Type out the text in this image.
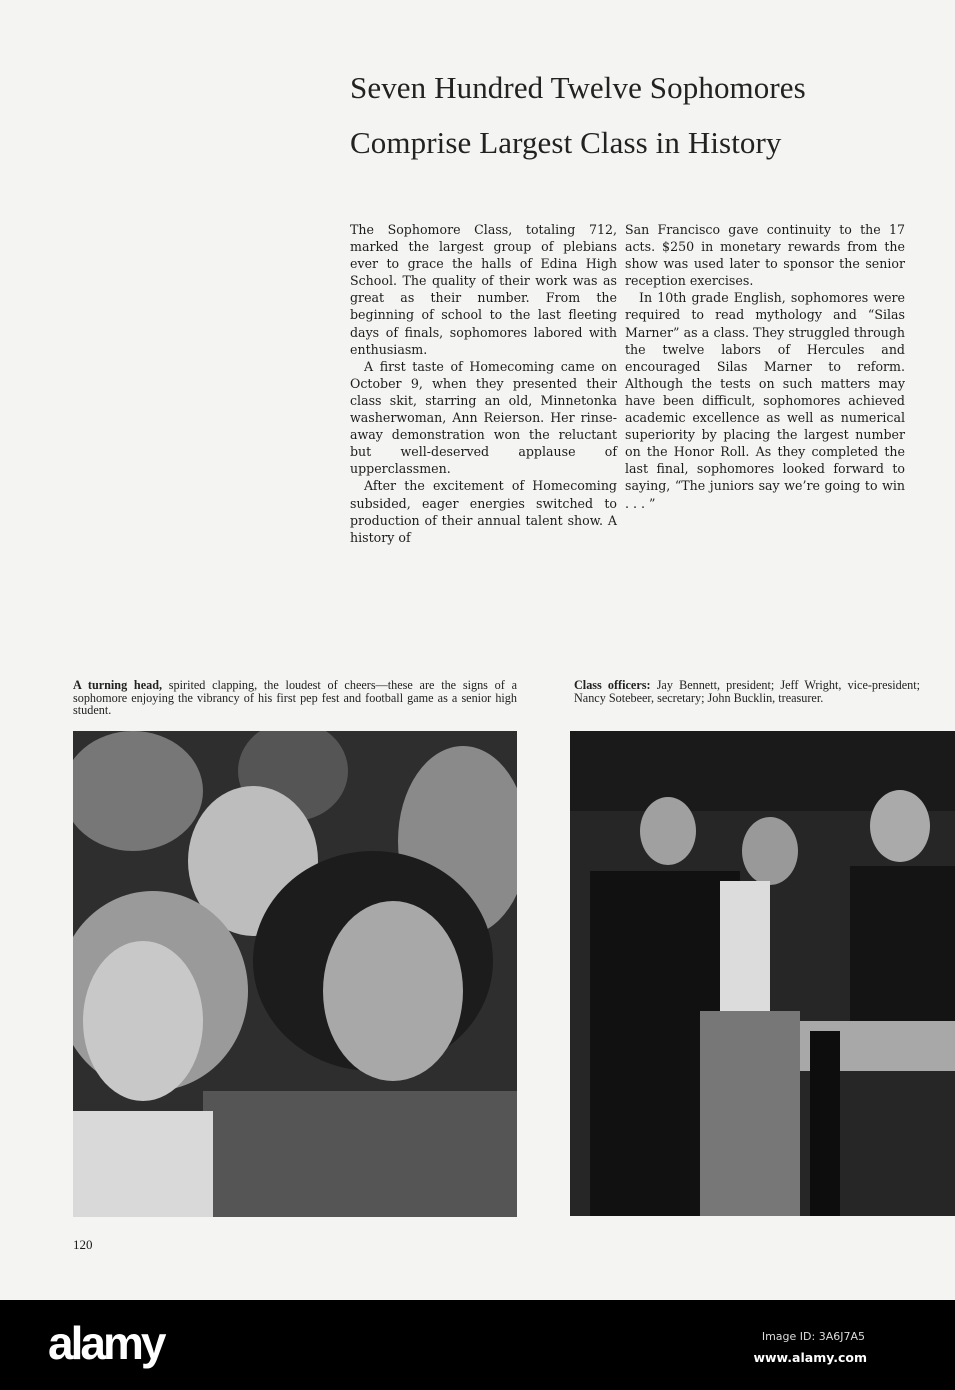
Seven Hundred Twelve Sophomores
Comprise Largest Class in History

The Sophomore Class, totaling 712, marked the largest group of plebians ever to grace the halls of Edina High School. The quality of their work was as great as their number. From the beginning of school to the last fleeting days of finals, sophomores labored with enthusiasm.

A first taste of Homecoming came on October 9, when they presented their class skit, starring an old, Minnetonka washerwoman, Ann Reierson. Her rinse-away demonstration won the reluctant but well-deserved applause of upperclassmen.

After the excitement of Homecoming subsided, eager energies switched to production of their annual talent show. A history of

San Francisco gave continuity to the 17 acts. $250 in monetary rewards from the show was used later to sponsor the senior reception exercises.

In 10th grade English, sophomores were required to read mythology and “Silas Marner” as a class. They struggled through the twelve labors of Hercules and encouraged Silas Marner to reform. Although the tests on such matters may have been difficult, sophomores achieved academic excellence as well as numerical superiority by placing the largest number on the Honor Roll. As they completed the last final, sophomores looked forward to saying, “The juniors say we’re going to win . . . ”

A turning head, spirited clapping, the loudest of cheers—these are the signs of a sophomore enjoying the vibrancy of his first pep fest and football game as a senior high student.
Class officers: Jay Bennett, president; Jeff Wright, vice-president; Nancy Sotebeer, secretary; John Bucklin, treasurer.
120
alamy	Image ID: 3A6J7A5
www.alamy.com
